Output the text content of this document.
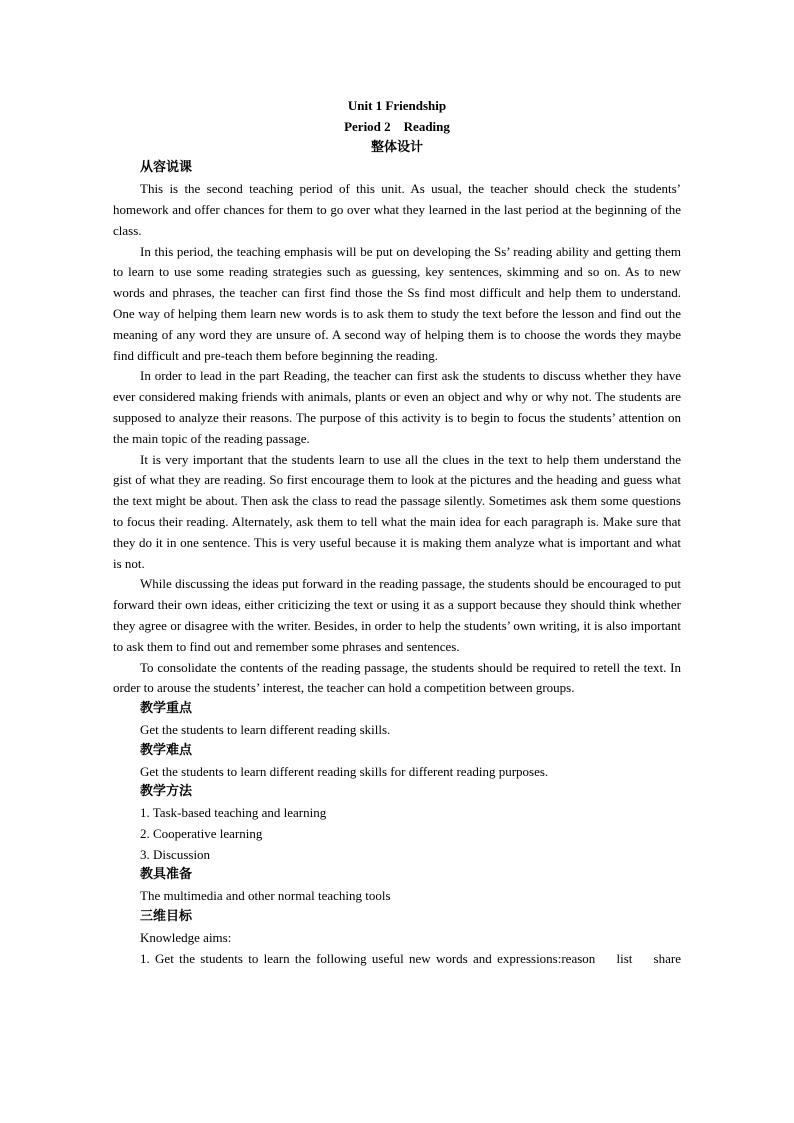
Unit 1 Friendship
Period 2    Reading
整体设计
从容说课

This is the second teaching period of this unit. As usual, the teacher should check the students’ homework and offer chances for them to go over what they learned in the last period at the beginning of the class.

In this period, the teaching emphasis will be put on developing the Ss’ reading ability and getting them to learn to use some reading strategies such as guessing, key sentences, skimming and so on. As to new words and phrases, the teacher can first find those the Ss find most difficult and help them to understand. One way of helping them learn new words is to ask them to study the text before the lesson and find out the meaning of any word they are unsure of. A second way of helping them is to choose the words they maybe find difficult and pre-teach them before beginning the reading.

In order to lead in the part Reading, the teacher can first ask the students to discuss whether they have ever considered making friends with animals, plants or even an object and why or why not. The students are supposed to analyze their reasons. The purpose of this activity is to begin to focus the students’ attention on the main topic of the reading passage.

It is very important that the students learn to use all the clues in the text to help them understand the gist of what they are reading. So first encourage them to look at the pictures and the heading and guess what the text might be about. Then ask the class to read the passage silently. Sometimes ask them some questions to focus their reading. Alternately, ask them to tell what the main idea for each paragraph is. Make sure that they do it in one sentence. This is very useful because it is making them analyze what is important and what is not.

While discussing the ideas put forward in the reading passage, the students should be encouraged to put forward their own ideas, either criticizing the text or using it as a support because they should think whether they agree or disagree with the writer. Besides, in order to help the students’ own writing, it is also important to ask them to find out and remember some phrases and sentences.

To consolidate the contents of the reading passage, the students should be required to retell the text. In order to arouse the students’ interest, the teacher can hold a competition between groups.

教学重点

Get the students to learn different reading skills.

教学难点

Get the students to learn different reading skills for different reading purposes.

教学方法

1. Task-based teaching and learning

2. Cooperative learning

3. Discussion

教具准备

The multimedia and other normal teaching tools

三维目标

Knowledge aims:

1. Get the students to learn the following useful new words and expressions:reason    list    share
